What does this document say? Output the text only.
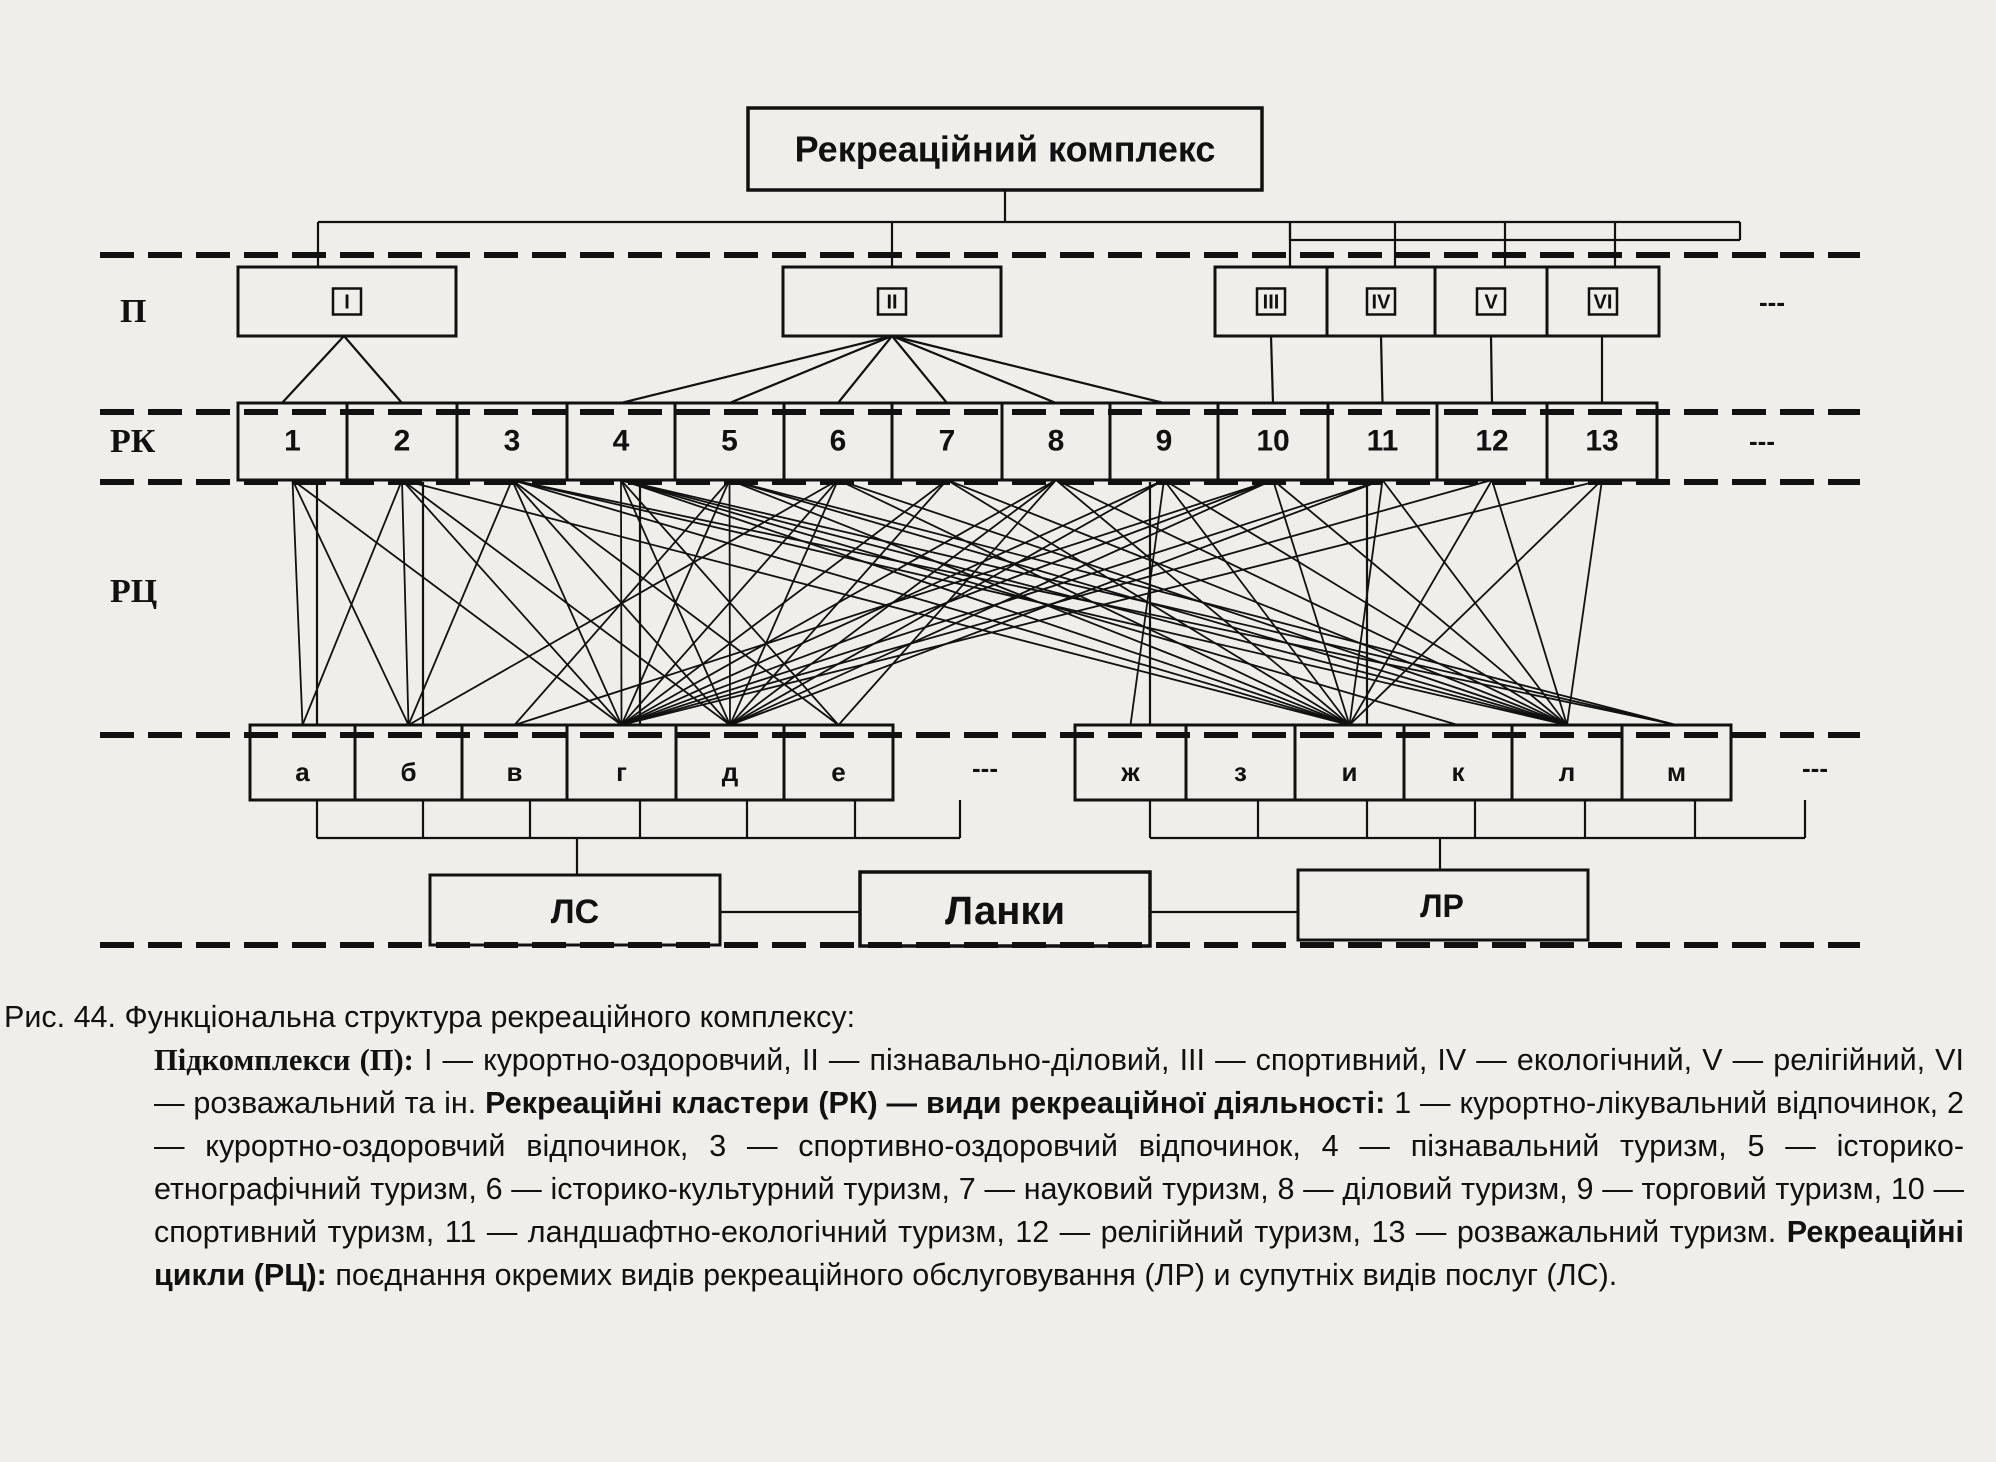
П
РК
РЦ
Рекреаційний комплекс
I	II	III	IV	V	VI	---
1	2	3	4	5	6	7	8	9	10	11	12	13	---
а	ж
б	з
в	и
г	к
д	л
е	м
---	---
ЛС	Ланки	ЛР
Рис. 44. Функціональна структура рекреаційного комплексу:
Підкомплекси (П): I — курортно-оздоровчий, II — пізнавально-діловий, III — спортивний, IV — екологічний, V — релігійний, VI — розважальний та ін. Рекреаційні кластери (РК) — види рекреаційної діяльності: 1 — курортно-лікувальний відпочинок, 2 — курортно-оздоровчий відпочинок, 3 — спортивно-оздоровчий відпочинок, 4 — пізнавальний туризм, 5 — історико-етнографічний туризм, 6 — історико-культурний туризм, 7 — науковий туризм, 8 — діловий туризм, 9 — торговий туризм, 10 — спортивний туризм, 11 — ландшафтно-екологічний туризм, 12 — релігійний туризм, 13 — розважальний туризм. Рекреаційні цикли (РЦ): поєднання окремих видів рекреаційного обслуговування (ЛР) и супутніх видів послуг (ЛС).
